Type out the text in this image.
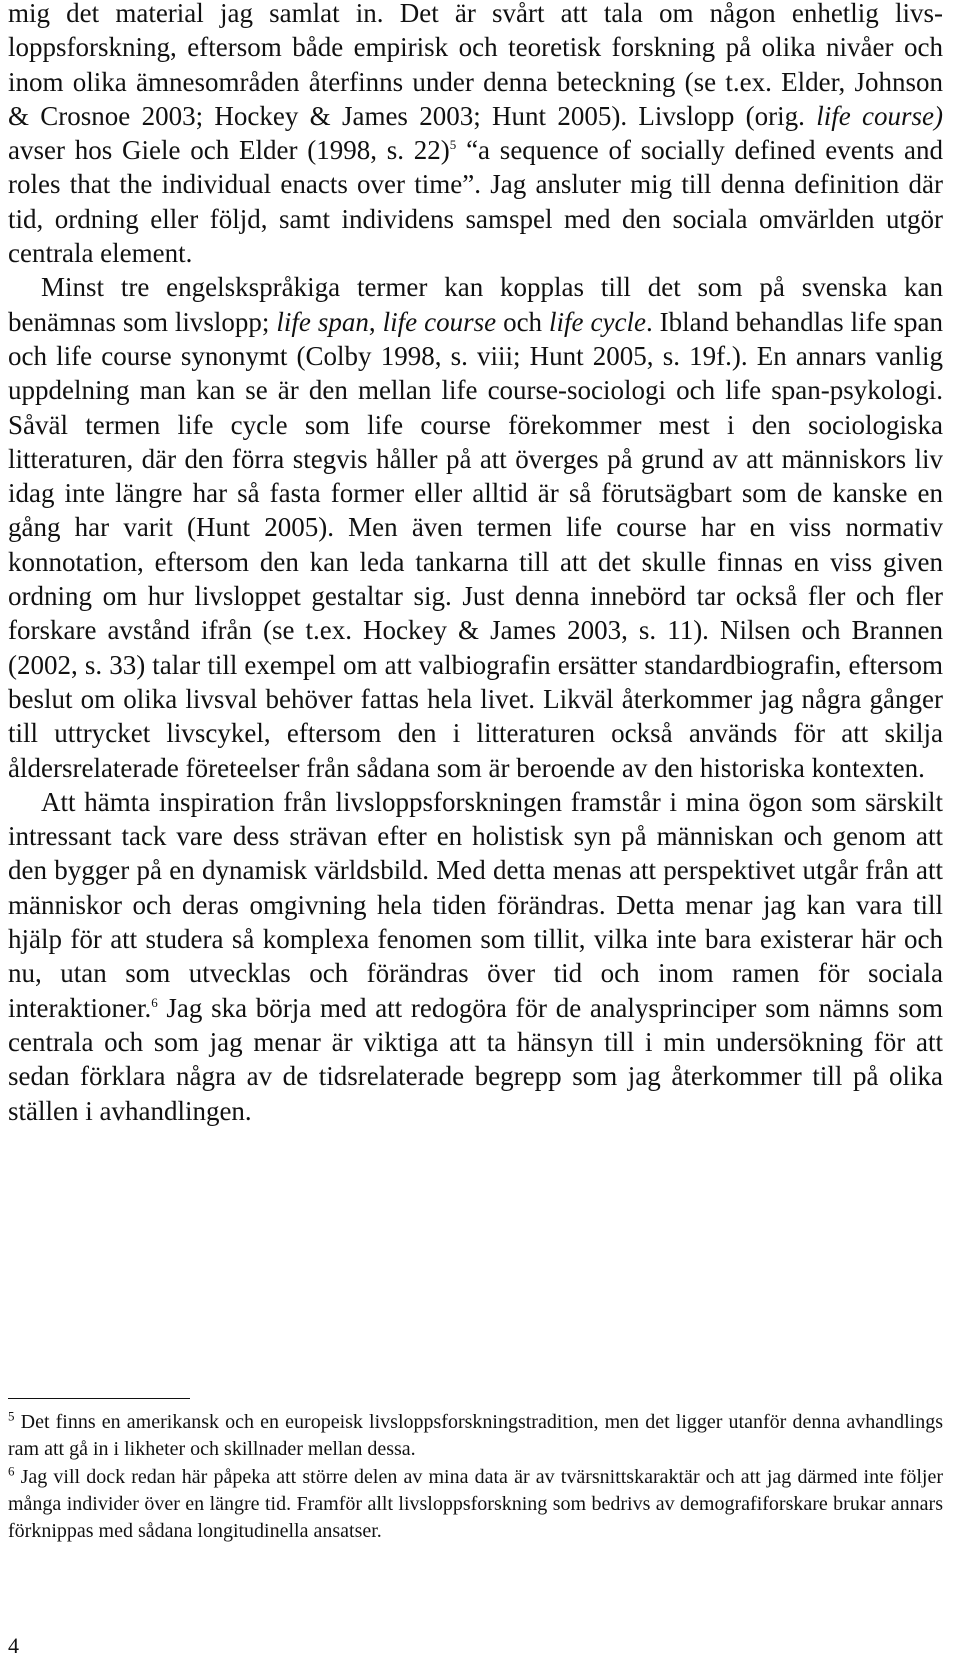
mig det material jag samlat in. Det är svårt att tala om någon enhetlig livsloppsforskning, eftersom både empirisk och teoretisk forskning på olika nivåer och inom olika ämnesområden återfinns under denna beteckning (se t.ex. Elder, Johnson & Crosnoe 2003; Hockey & James 2003; Hunt 2005). Livslopp (orig. life course) avser hos Giele och Elder (1998, s. 22)$^5$ “a sequence of socially defined events and roles that the individual enacts over time”. Jag ansluter mig till denna definition där tid, ordning eller följd, samt individens samspel med den sociala omvärlden utgör centrala element.

Minst tre engelskspråkiga termer kan kopplas till det som på svenska kan benämnas som livslopp; life span, life course och life cycle. Ibland behandlas life span och life course synonymt (Colby 1998, s. viii; Hunt 2005, s. 19f.). En annars vanlig uppdelning man kan se är den mellan life course-sociologi och life span-psykologi. Såväl termen life cycle som life course förekommer mest i den sociologiska litteraturen, där den förra stegvis håller på att överges på grund av att människors liv idag inte längre har så fasta former eller alltid är så förutsägbart som de kanske en gång har varit (Hunt 2005). Men även termen life course har en viss normativ konnotation, eftersom den kan leda tankarna till att det skulle finnas en viss given ordning om hur livsloppet gestaltar sig. Just denna innebörd tar också fler och fler forskare avstånd ifrån (se t.ex. Hockey & James 2003, s. 11). Nilsen och Brannen (2002, s. 33) talar till exempel om att valbiografin ersätter standardbiografin, eftersom beslut om olika livsval behöver fattas hela livet. Likväl återkommer jag några gånger till uttrycket livscykel, eftersom den i litteraturen också används för att skilja åldersrelaterade företeelser från sådana som är beroende av den historiska kontexten.

Att hämta inspiration från livsloppsforskningen framstår i mina ögon som särskilt intressant tack vare dess strävan efter en holistisk syn på människan och genom att den bygger på en dynamisk världsbild. Med detta menas att perspektivet utgår från att människor och deras omgivning hela tiden förändras. Detta menar jag kan vara till hjälp för att studera så komplexa fenomen som tillit, vilka inte bara existerar här och nu, utan som utvecklas och förändras över tid och inom ramen för sociala interaktioner.$^6$ Jag ska börja med att redogöra för de analysprinciper som nämns som centrala och som jag menar är viktiga att ta hänsyn till i min undersökning för att sedan förklara några av de tidsrelaterade begrepp som jag återkommer till på olika ställen i avhandlingen.

$^5$ Det finns en amerikansk och en europeisk livsloppsforskningstradition, men det ligger utanför denna avhandlings ram att gå in i likheter och skillnader mellan dessa.

$^6$ Jag vill dock redan här påpeka att större delen av mina data är av tvärsnittskaraktär och att jag därmed inte följer många individer över en längre tid. Framför allt livsloppsforskning som bedrivs av demografiforskare brukar annars förknippas med sådana longitudinella ansatser.

4
